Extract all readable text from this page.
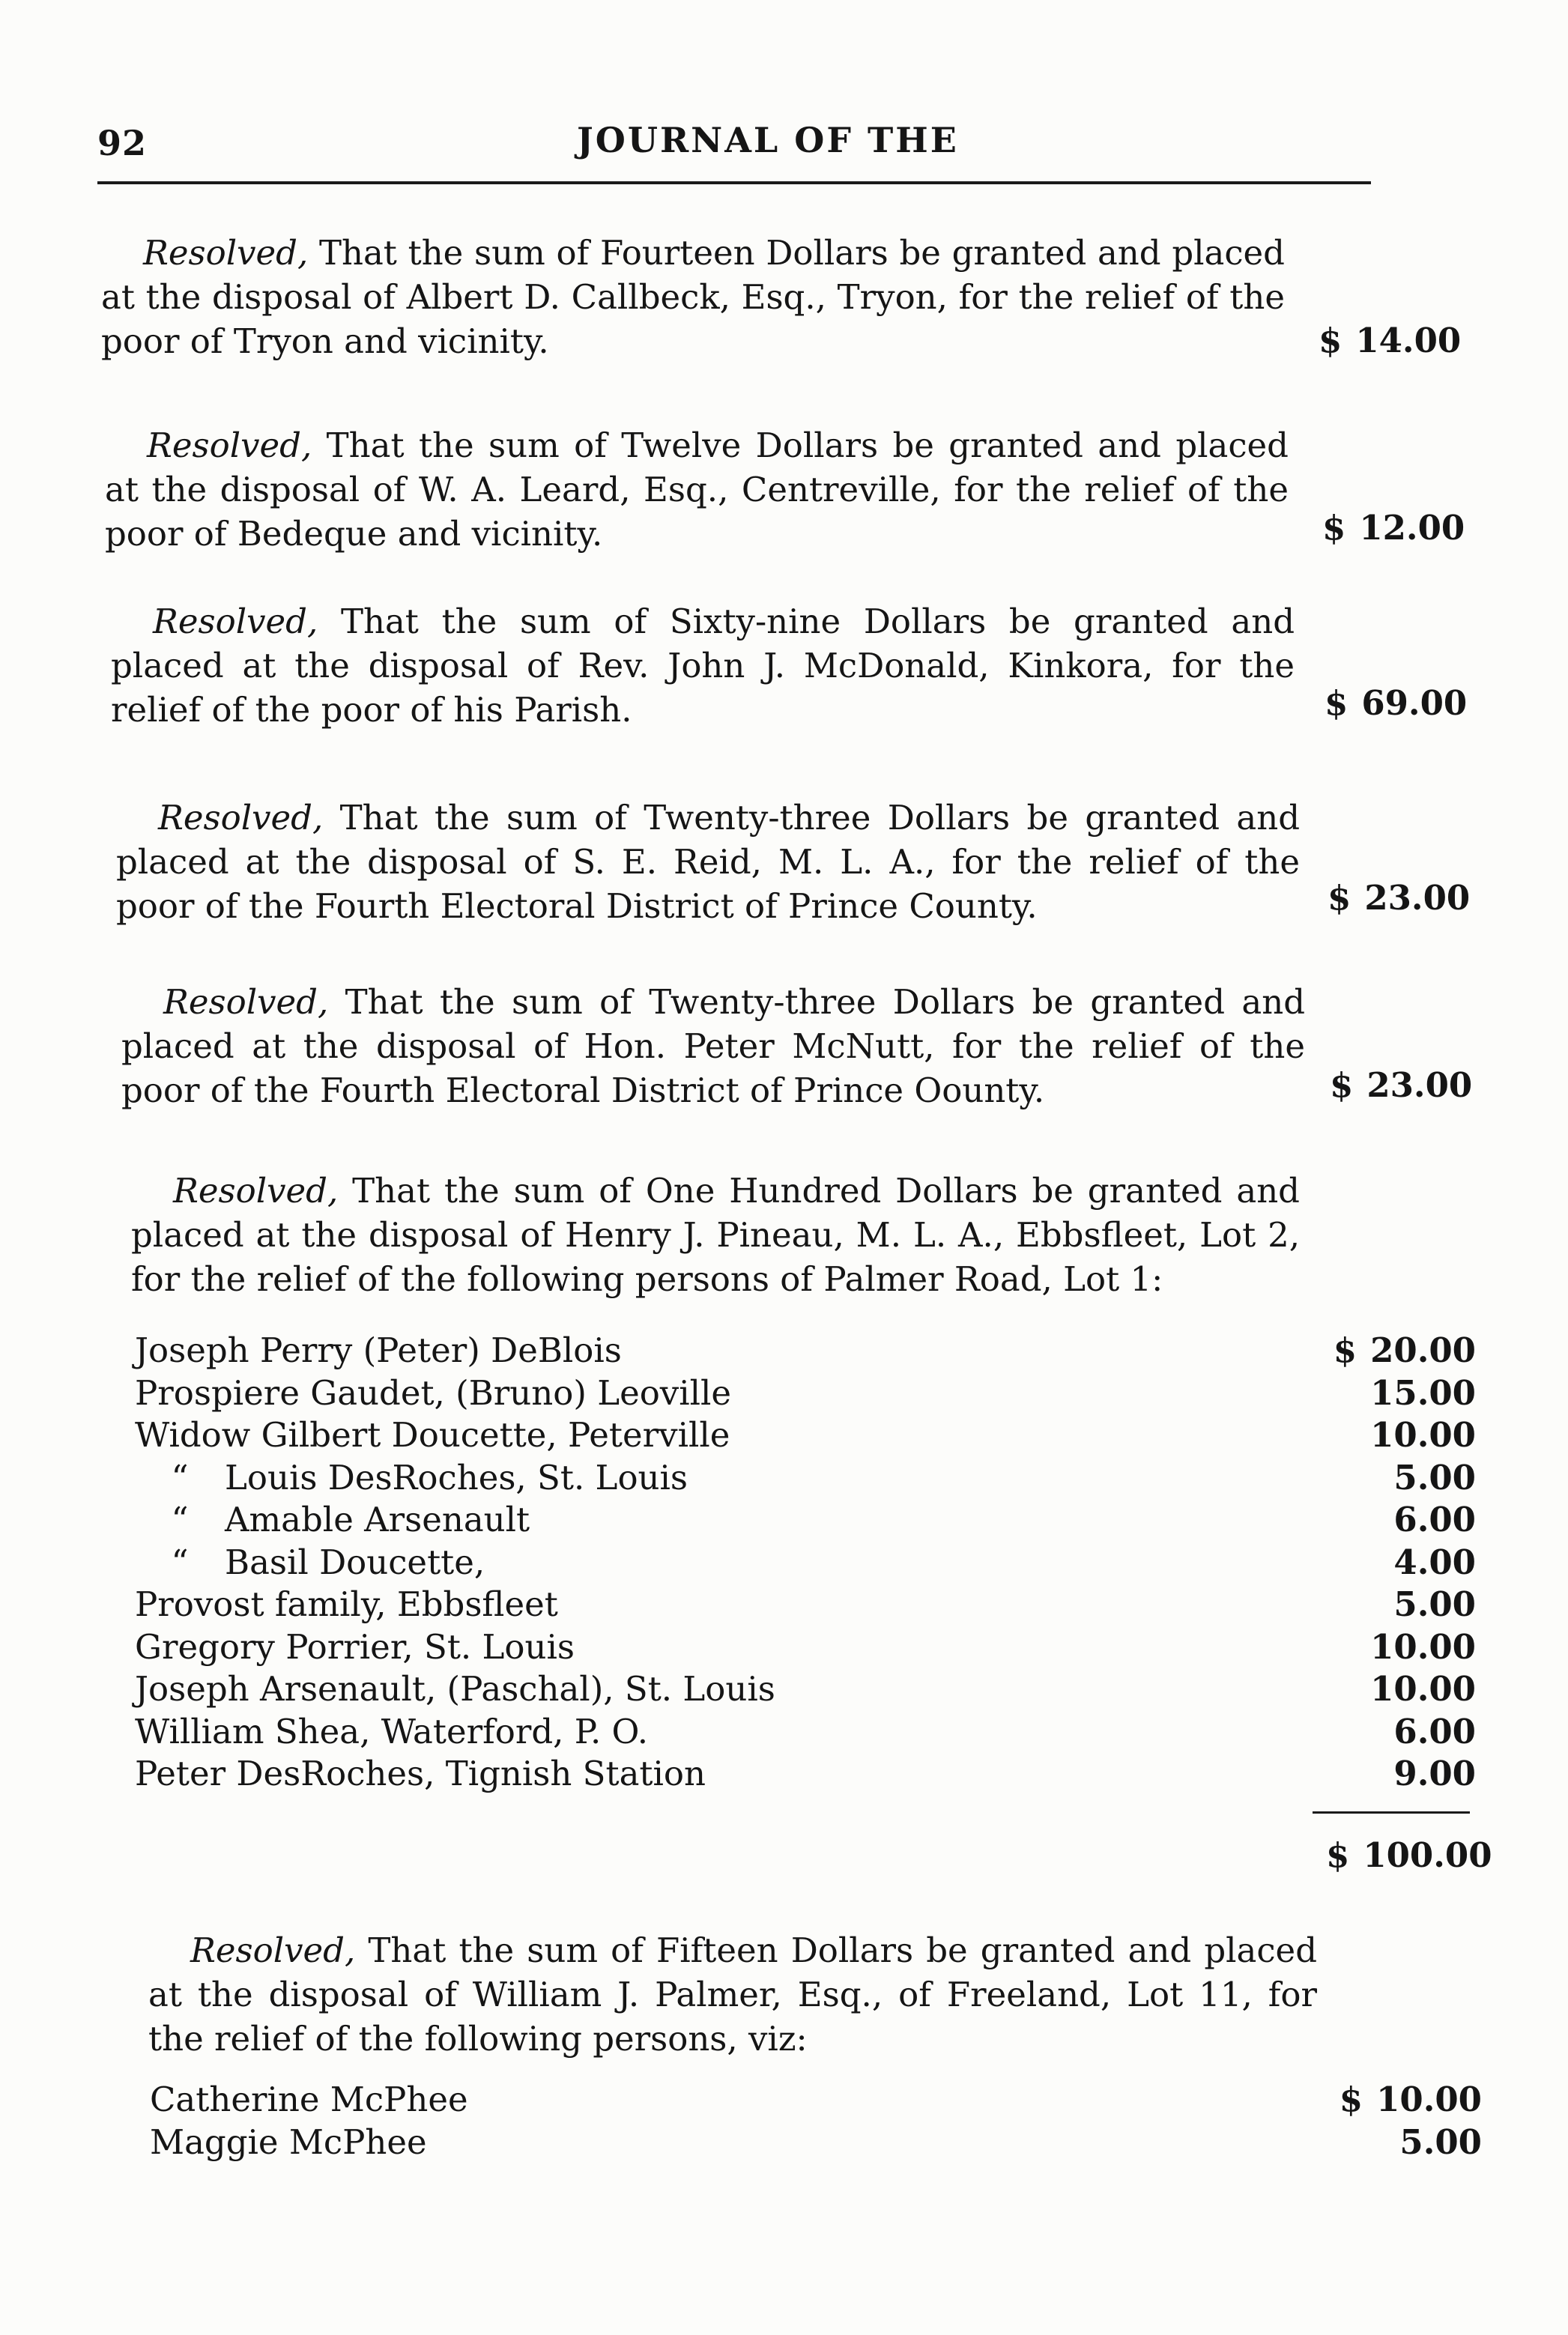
92	JOURNAL OF THE

Resolved, That the sum of Fourteen Dollars be granted and placed at the disposal of Albert D. Callbeck, Esq., Tryon, for the relief of the poor of Tryon and vicinity.	$ 14.00

Resolved, That the sum of Twelve Dollars be granted and placed at the disposal of W. A. Leard, Esq., Centreville, for the relief of the poor of Bedeque and vicinity.	$ 12.00

Resolved, That the sum of Sixty-nine Dollars be granted and placed at the disposal of Rev. John J. McDonald, Kinkora, for the relief of the poor of his Parish.	$ 69.00

Resolved, That the sum of Twenty-three Dollars be granted and placed at the disposal of S. E. Reid, M. L. A., for the relief of the poor of the Fourth Electoral District of Prince County.	$ 23.00

Resolved, That the sum of Twenty-three Dollars be granted and placed at the disposal of Hon. Peter McNutt, for the relief of the poor of the Fourth Electoral District of Prince Oounty.	$ 23.00

Resolved, That the sum of One Hundred Dollars be granted and placed at the disposal of Henry J. Pineau, M. L. A., Ebbsfleet, Lot 2, for the relief of the following persons of Palmer Road, Lot 1:

Joseph Perry (Peter) DeBlois	$ 20.00
Prospiere Gaudet, (Bruno) Leoville	15.00
Widow Gilbert Doucette, Peterville	10.00
“ Louis DesRoches, St. Louis	5.00
“ Amable Arsenault	6.00
“ Basil Doucette,	4.00
Provost family, Ebbsfleet	5.00
Gregory Porrier, St. Louis	10.00
Joseph Arsenault, (Paschal), St. Louis	10.00
William Shea, Waterford, P. O.	6.00
Peter DesRoches, Tignish Station	9.00
$ 100.00

Resolved, That the sum of Fifteen Dollars be granted and placed at the disposal of William J. Palmer, Esq., of Freeland, Lot 11, for the relief of the following persons, viz:

Catherine McPhee	$ 10.00
Maggie McPhee	5.00
